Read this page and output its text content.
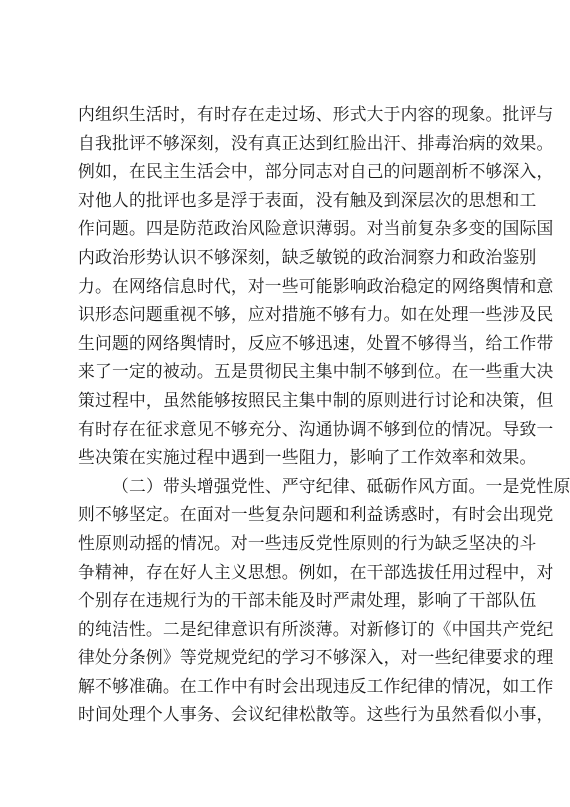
内组织生活时，有时存在走过场、形式大于内容的现象。批评与
自我批评不够深刻，没有真正达到红脸出汗、排毒治病的效果。
例如，在民主生活会中，部分同志对自己的问题剖析不够深入，
对他人的批评也多是浮于表面，没有触及到深层次的思想和工
作问题。四是防范政治风险意识薄弱。对当前复杂多变的国际国
内政治形势认识不够深刻，缺乏敏锐的政治洞察力和政治鉴别
力。在网络信息时代，对一些可能影响政治稳定的网络舆情和意
识形态问题重视不够，应对措施不够有力。如在处理一些涉及民
生问题的网络舆情时，反应不够迅速，处置不够得当，给工作带
来了一定的被动。五是贯彻民主集中制不够到位。在一些重大决
策过程中，虽然能够按照民主集中制的原则进行讨论和决策，但
有时存在征求意见不够充分、沟通协调不够到位的情况。导致一
些决策在实施过程中遇到一些阻力，影响了工作效率和效果。
（二）带头增强党性、严守纪律、砥砺作风方面。一是党性原
则不够坚定。在面对一些复杂问题和利益诱惑时，有时会出现党
性原则动摇的情况。对一些违反党性原则的行为缺乏坚决的斗
争精神，存在好人主义思想。例如，在干部选拔任用过程中，对
个别存在违规行为的干部未能及时严肃处理，影响了干部队伍
的纯洁性。二是纪律意识有所淡薄。对新修订的《中国共产党纪
律处分条例》等党规党纪的学习不够深入，对一些纪律要求的理
解不够准确。在工作中有时会出现违反工作纪律的情况，如工作
时间处理个人事务、会议纪律松散等。这些行为虽然看似小事，
